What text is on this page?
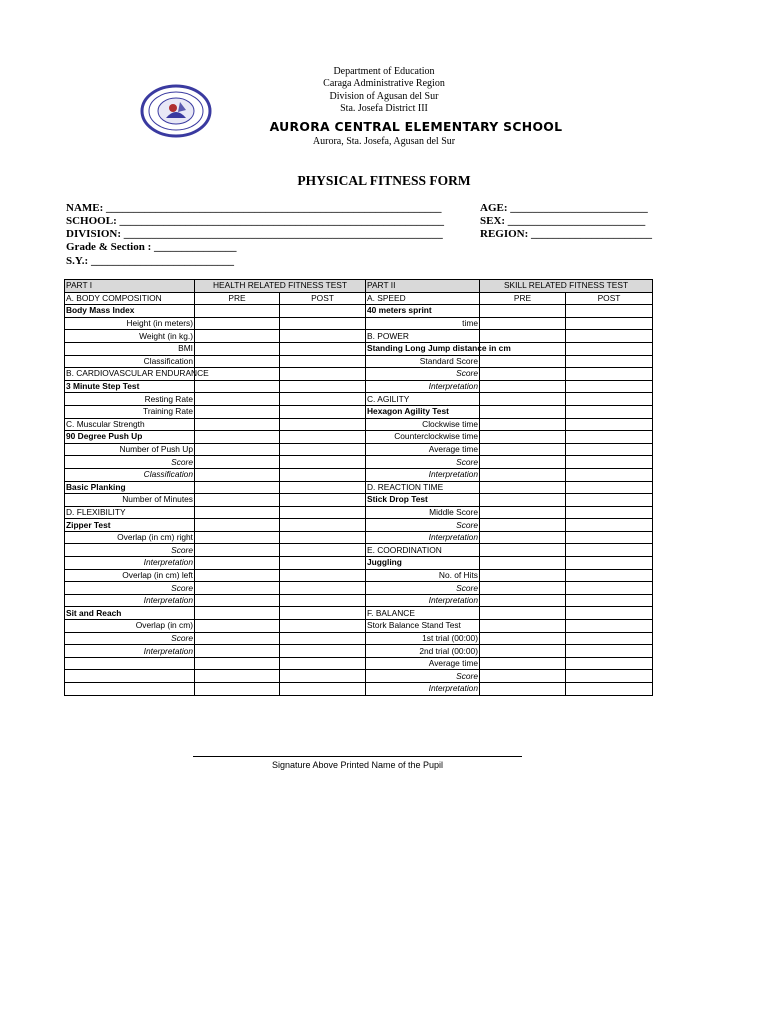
Department of Education
Caraga Administrative Region
Division of Agusan del Sur
Sta. Josefa District III
AURORA CENTRAL ELEMENTARY SCHOOL
Aurora, Sta. Josefa, Agusan del Sur
PHYSICAL FITNESS FORM
NAME: _____________________________________________________________
SCHOOL: ___________________________________________________________
DIVISION: __________________________________________________________
Grade & Section : _______________
S.Y.: __________________________
AGE: _________________________
SEX: _________________________
REGION: ______________________
PART I	HEALTH RELATED FITNESS TEST		PART II	SKILL RELATED FITNESS TEST	
A. BODY COMPOSITION	PRE	POST	A. SPEED	PRE	POST
Body Mass Index			40 meters sprint		
Height (in meters)			time		
Weight (in kg.)			B. POWER		
BMI			Standing Long Jump distance in cm		
Classification			Standard Score		
B. CARDIOVASCULAR ENDURANCE			Score		
3 Minute Step Test			Interpretation		
Resting Rate			C. AGILITY		
Training Rate			Hexagon Agility Test		
C. Muscular Strength			Clockwise time		
90 Degree Push Up			Counterclockwise time		
Number of Push Up			Average time		
Score			Score		
Classification			Interpretation		
Basic Planking			D. REACTION TIME		
Number of Minutes			Stick Drop Test		
D. FLEXIBILITY			Middle Score		
Zipper Test			Score		
Overlap (in cm) right			Interpretation		
Score			E. COORDINATION		
Interpretation			Juggling		
Overlap (in cm) left			No. of Hits		
Score			Score		
Interpretation			Interpretation		
Sit and Reach			F. BALANCE		
Overlap (in cm)			Stork Balance Stand Test		
Score			1st trial (00:00)		
Interpretation			2nd trial (00:00)		
			Average time		
			Score		
			Interpretation		
Signature Above Printed Name of the Pupil
